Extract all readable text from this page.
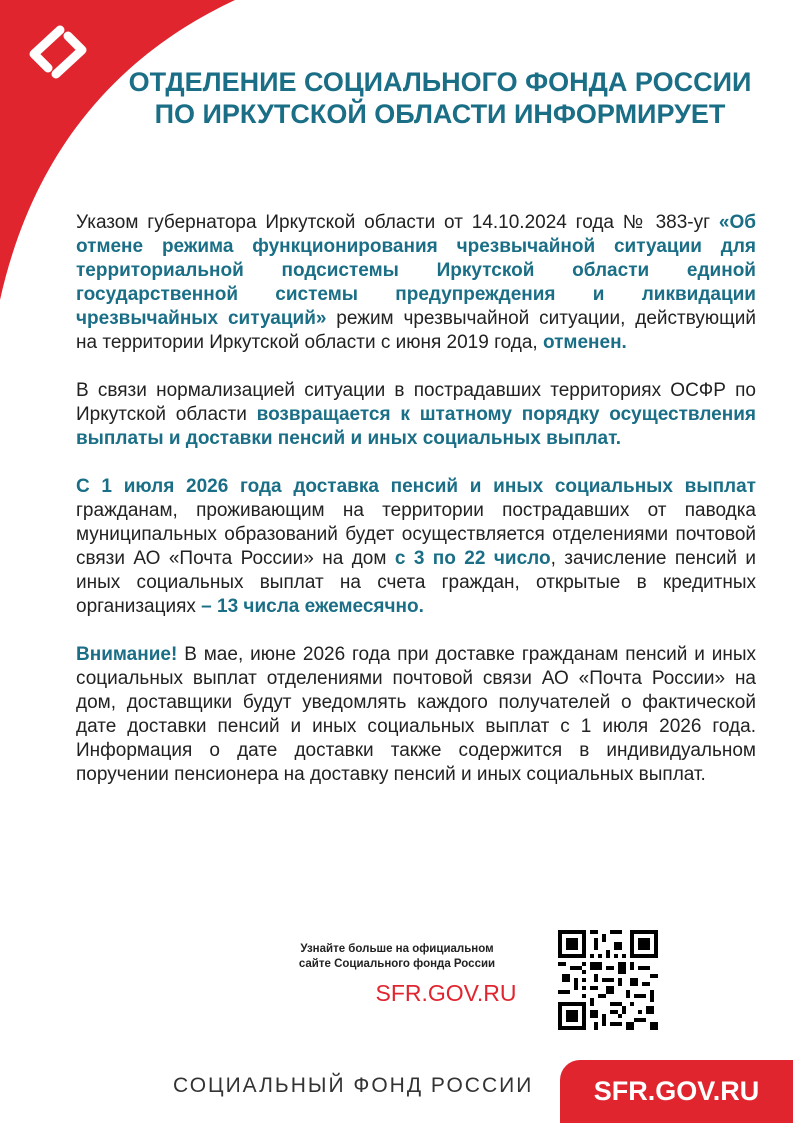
ОТДЕЛЕНИЕ СОЦИАЛЬНОГО ФОНДА РОССИИ
ПО ИРКУТСКОЙ ОБЛАСТИ ИНФОРМИРУЕТ

Указом губернатора Иркутской области от 14.10.2024 года № 383-уг «Об отмене режима функционирования чрезвычайной ситуации для территориальной подсистемы Иркутской области единой государственной системы предупреждения и ликвидации чрезвычайных ситуаций» режим чрезвычайной ситуации, действующий на территории Иркутской области с июня 2019 года, отменен.

В связи нормализацией ситуации в пострадавших территориях ОСФР по Иркутской области возвращается к штатному порядку осуществления выплаты и доставки пенсий и иных социальных выплат.

С 1 июля 2026 года доставка пенсий и иных социальных выплат гражданам, проживающим на территории пострадавших от паводка муниципальных образований будет осуществляется отделениями почтовой связи АО «Почта России» на дом с 3 по 22 число, зачисление пенсий и иных социальных выплат на счета граждан, открытые в кредитных организациях – 13 числа ежемесячно.

Внимание! В мае, июне 2026 года при доставке гражданам пенсий и иных социальных выплат отделениями почтовой связи АО «Почта России» на дом, доставщики будут уведомлять каждого получателей о фактической дате доставки пенсий и иных социальных выплат с 1 июля 2026 года. Информация о дате доставки также содержится в индивидуальном поручении пенсионера на доставку пенсий и иных социальных выплат.

Узнайте больше на официальном
сайте Социального фонда России
SFR.GOV.RU
СОЦИАЛЬНЫЙ ФОНД РОССИИ	SFR.GOV.RU
